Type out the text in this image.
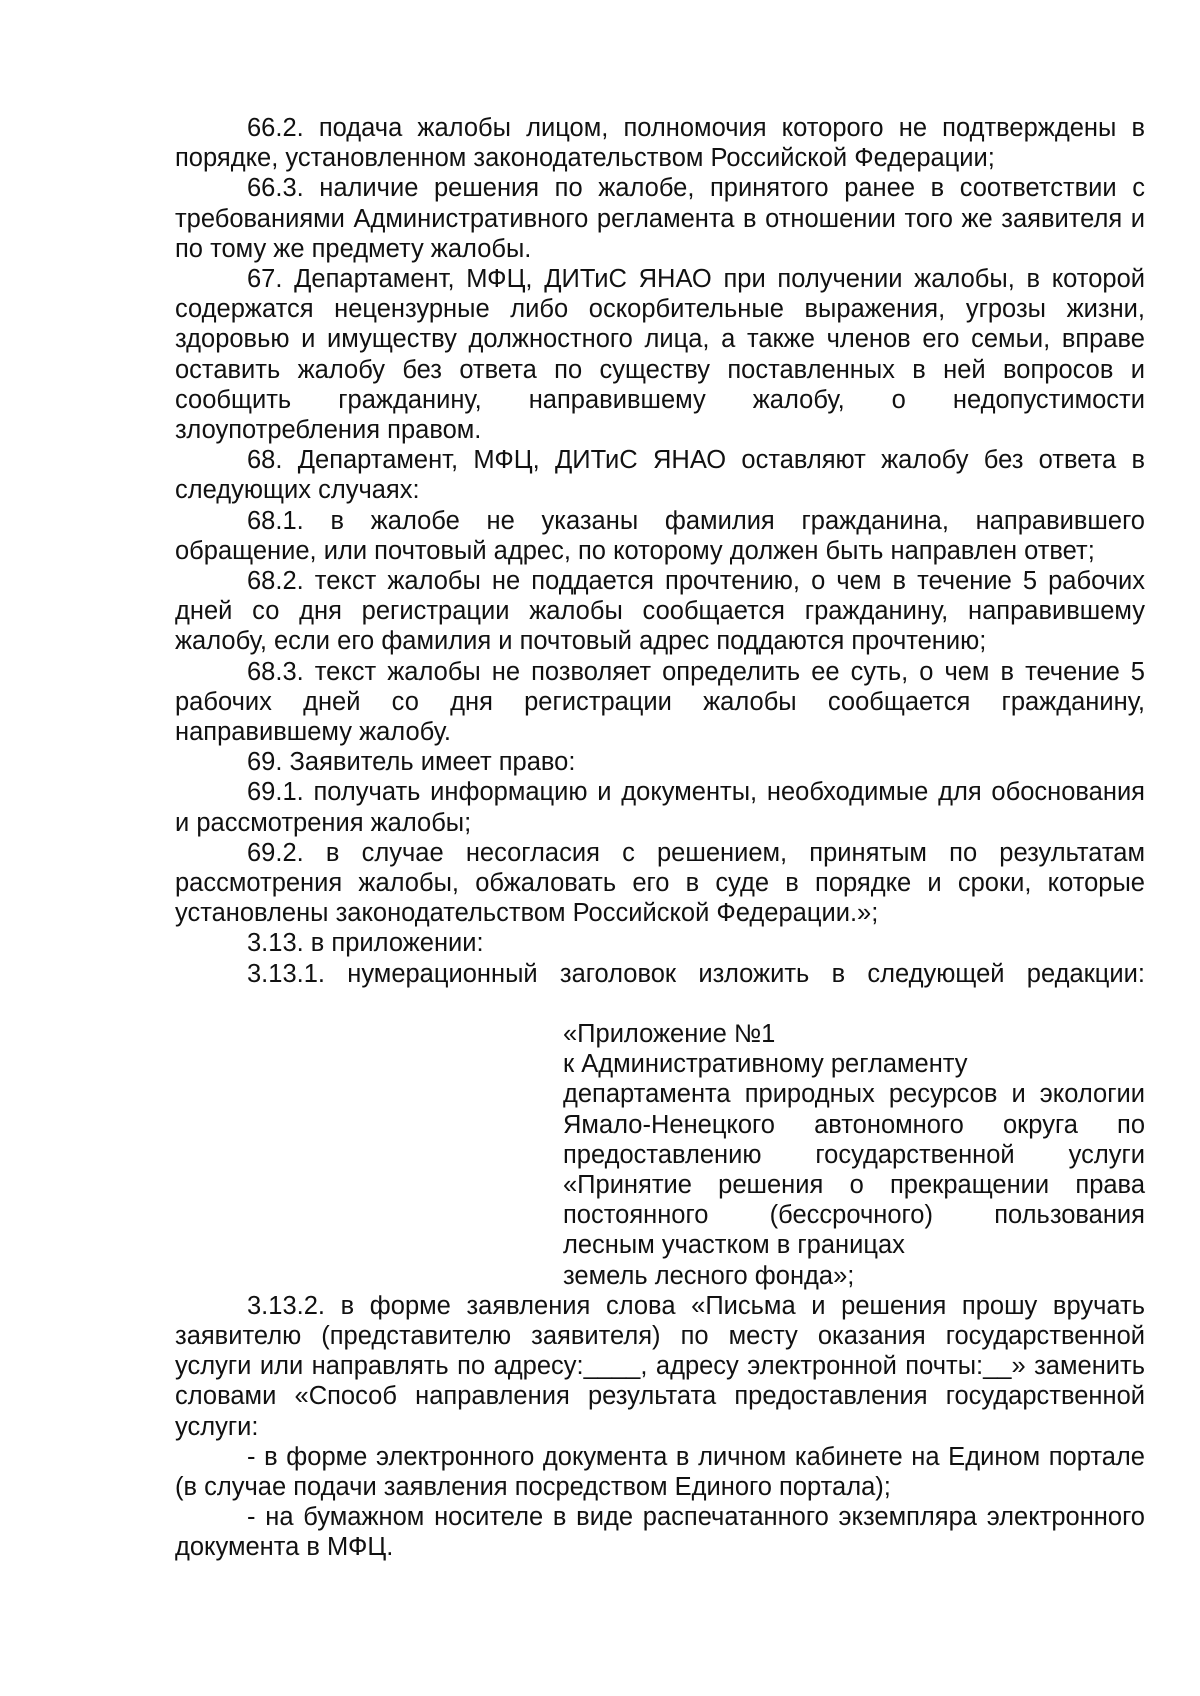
66.2. подача жалобы лицом, полномочия которого не подтверждены в порядке, установленном законодательством Российской Федерации;

66.3. наличие решения по жалобе, принятого ранее в соответствии с требованиями Административного регламента в отношении того же заявителя и по тому же предмету жалобы.

67. Департамент, МФЦ, ДИТиС ЯНАО при получении жалобы, в которой содержатся нецензурные либо оскорбительные выражения, угрозы жизни, здоровью и имуществу должностного лица, а также членов его семьи, вправе оставить жалобу без ответа по существу поставленных в ней вопросов и сообщить гражданину, направившему жалобу, о недопустимости злоупотребления правом.

68. Департамент, МФЦ, ДИТиС ЯНАО оставляют жалобу без ответа в следующих случаях:

68.1. в жалобе не указаны фамилия гражданина, направившего обращение, или почтовый адрес, по которому должен быть направлен ответ;

68.2. текст жалобы не поддается прочтению, о чем в течение 5 рабочих дней со дня регистрации жалобы сообщается гражданину, направившему жалобу, если его фамилия и почтовый адрес поддаются прочтению;

68.3. текст жалобы не позволяет определить ее суть, о чем в течение 5 рабочих дней со дня регистрации жалобы сообщается гражданину, направившему жалобу.

69. Заявитель имеет право:

69.1. получать информацию и документы, необходимые для обоснования и рассмотрения жалобы;

69.2. в случае несогласия с решением, принятым по результатам рассмотрения жалобы, обжаловать его в суде в порядке и сроки, которые установлены законодательством Российской Федерации.»;

3.13. в приложении:

3.13.1. нумерационный заголовок изложить в следующей редакции:

«Приложение №1
к Административному регламенту
департамента природных ресурсов и экологии
Ямало-Ненецкого автономного округа по
предоставлению государственной услуги
«Принятие решения о прекращении права
постоянного (бессрочного) пользования
лесным участком в границах
земель лесного фонда»;

3.13.2. в форме заявления слова «Письма и решения прошу вручать заявителю (представителю заявителя) по месту оказания государственной услуги или направлять по адресу:____, адресу электронной почты:__» заменить словами «Способ направления результата предоставления государственной услуги:

- в форме электронного документа в личном кабинете на Едином портале (в случае подачи заявления посредством Единого портала);

- на бумажном носителе в виде распечатанного экземпляра электронного документа в МФЦ.
